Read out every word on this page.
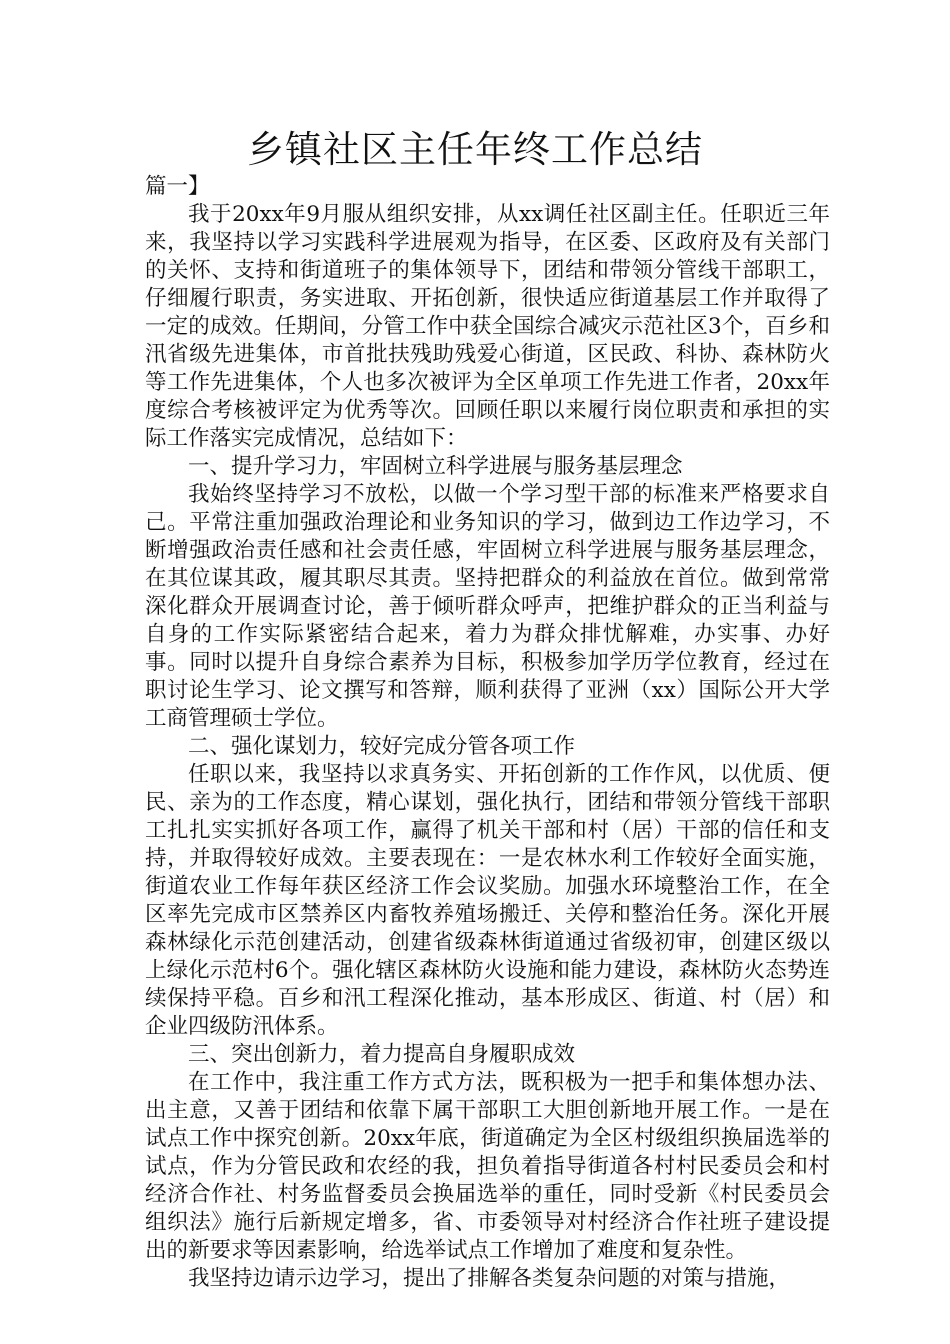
乡镇社区主任年终工作总结

篇一】

我于20xx年9月服从组织安排，从xx调任社区副主任。任职近三年来，我坚持以学习实践科学进展观为指导，在区委、区政府及有关部门的关怀、支持和街道班子的集体领导下，团结和带领分管线干部职工，仔细履行职责，务实进取、开拓创新，很快适应街道基层工作并取得了一定的成效。任期间，分管工作中获全国综合减灾示范社区3个，百乡和汛省级先进集体，市首批扶残助残爱心街道，区民政、科协、森林防火等工作先进集体，个人也多次被评为全区单项工作先进工作者，20xx年度综合考核被评定为优秀等次。回顾任职以来履行岗位职责和承担的实际工作落实完成情况，总结如下：

一、提升学习力，牢固树立科学进展与服务基层理念

我始终坚持学习不放松，以做一个学习型干部的标准来严格要求自己。平常注重加强政治理论和业务知识的学习，做到边工作边学习，不断增强政治责任感和社会责任感，牢固树立科学进展与服务基层理念，在其位谋其政，履其职尽其责。坚持把群众的利益放在首位。做到常常深化群众开展调查讨论，善于倾听群众呼声，把维护群众的正当利益与自身的工作实际紧密结合起来，着力为群众排忧解难，办实事、办好事。同时以提升自身综合素养为目标，积极参加学历学位教育，经过在职讨论生学习、论文撰写和答辩，顺利获得了亚洲（xx）国际公开大学工商管理硕士学位。

二、强化谋划力，较好完成分管各项工作

任职以来，我坚持以求真务实、开拓创新的工作作风，以优质、便民、亲为的工作态度，精心谋划，强化执行，团结和带领分管线干部职工扎扎实实抓好各项工作，赢得了机关干部和村（居）干部的信任和支持，并取得较好成效。主要表现在：一是农林水利工作较好全面实施，街道农业工作每年获区经济工作会议奖励。加强水环境整治工作，在全区率先完成市区禁养区内畜牧养殖场搬迁、关停和整治任务。深化开展森林绿化示范创建活动，创建省级森林街道通过省级初审，创建区级以上绿化示范村6个。强化辖区森林防火设施和能力建设，森林防火态势连续保持平稳。百乡和汛工程深化推动，基本形成区、街道、村（居）和企业四级防汛体系。

三、突出创新力，着力提高自身履职成效

在工作中，我注重工作方式方法，既积极为一把手和集体想办法、出主意，又善于团结和依靠下属干部职工大胆创新地开展工作。一是在试点工作中探究创新。20xx年底，街道确定为全区村级组织换届选举的试点，作为分管民政和农经的我，担负着指导街道各村村民委员会和村经济合作社、村务监督委员会换届选举的重任，同时受新《村民委员会组织法》施行后新规定增多，省、市委领导对村经济合作社班子建设提出的新要求等因素影响，给选举试点工作增加了难度和复杂性。

我坚持边请示边学习，提出了排解各类复杂问题的对策与措施，
